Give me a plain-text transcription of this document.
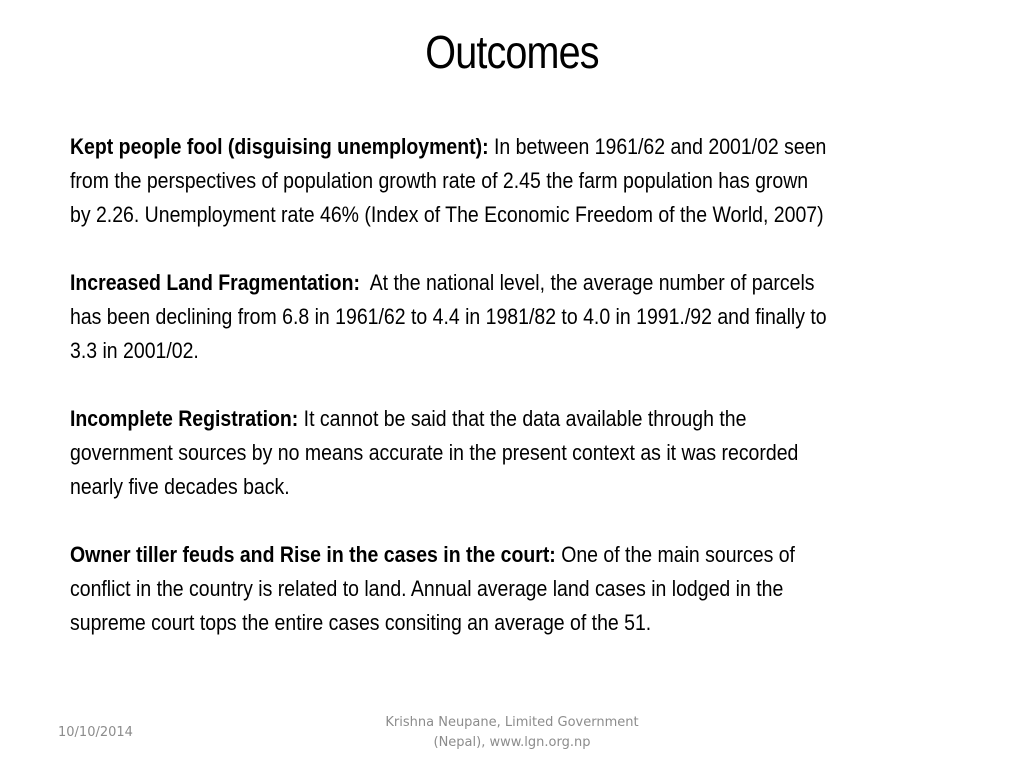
Outcomes

Kept people fool (disguising unemployment): In between 1961/62 and 2001/02 seen
from the perspectives of population growth rate of 2.45 the farm population has grown
by 2.26. Unemployment rate 46% (Index of The Economic Freedom of the World, 2007)

Increased Land Fragmentation:  At the national level, the average number of parcels
has been declining from 6.8 in 1961/62 to 4.4 in 1981/82 to 4.0 in 1991./92 and finally to
3.3 in 2001/02.

Incomplete Registration: It cannot be said that the data available through the
government sources by no means accurate in the present context as it was recorded
nearly five decades back.

Owner tiller feuds and Rise in the cases in the court: One of the main sources of
conflict in the country is related to land. Annual average land cases in lodged in the
supreme court tops the entire cases consiting an average of the 51.

10/10/2014
Krishna Neupane, Limited Government
(Nepal), www.lgn.org.np
